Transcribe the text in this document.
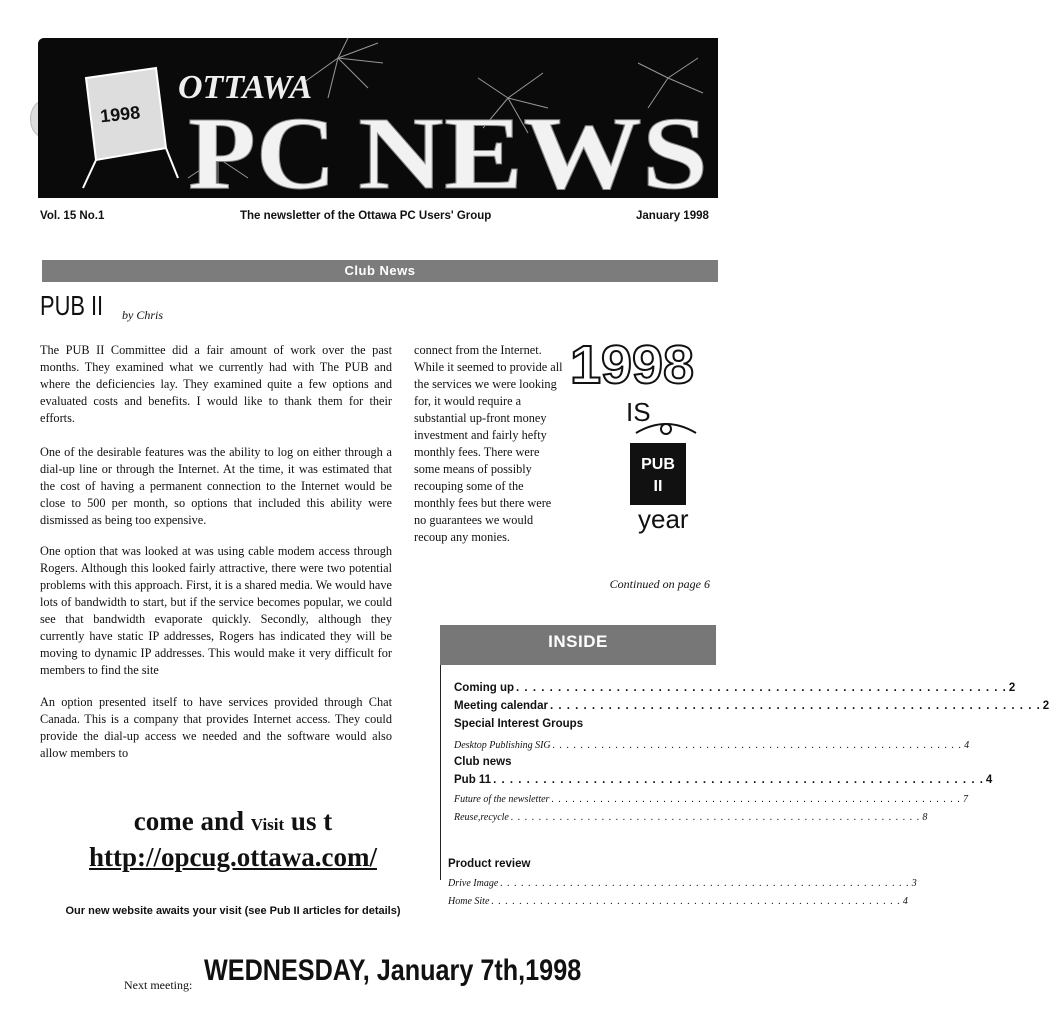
1998
OTTAWA
PC NEWS
Vol. 15 No.1	The newsletter of the Ottawa PC Users' Group	January 1998
Club News
PUB II	by Chris
The PUB II Committee did a fair amount of work over the past months. They examined what we currently had with The PUB and where the deficiencies lay. They examined quite a few options and evaluated costs and benefits. I would like to thank them for their efforts.
One of the desirable features was the ability to log on either through a dial-up line or through the Internet. At the time, it was estimated that the cost of having a permanent connection to the Internet would be close to 500 per month, so options that included this ability were dismissed as being too expensive.
One option that was looked at was using cable modem access through Rogers. Although this looked fairly attractive, there were two potential problems with this approach. First, it is a shared media. We would have lots of bandwidth to start, but if the service becomes popular, we could see that bandwidth evaporate quickly. Secondly, although they currently have static IP addresses, Rogers has indicated they will be moving to dynamic IP addresses. This would make it very difficult for members to find the site
An option presented itself to have services provided through Chat Canada. This is a company that provides Internet access. They could provide the dial-up access we needed and the software would also allow members to
connect from the Internet. While it seemed to provide all the services we were looking for, it would require a substantial up-front money investment and fairly hefty monthly fees. There were some means of possibly recouping some of the monthly fees but there were no guarantees we would recoup any monies.
1998
IS
PUB
II
year
Continued on page 6
INSIDE
Coming up . . . . . . . . . . . . . . . . . . . . . . . . . . . . . . . . . . . . . . . . . . . . . . . . . . . . . . . . . . . 2
Meeting calendar . . . . . . . . . . . . . . . . . . . . . . . . . . . . . . . . . . . . . . . . . . . . . . . . . . . . . . . . . . . 2
Special Interest Groups
Desktop Publishing SIG . . . . . . . . . . . . . . . . . . . . . . . . . . . . . . . . . . . . . . . . . . . . . . . . . . . . . . . . . . . 4
Club news
Pub 11 . . . . . . . . . . . . . . . . . . . . . . . . . . . . . . . . . . . . . . . . . . . . . . . . . . . . . . . . . . . 4
Future of the newsletter . . . . . . . . . . . . . . . . . . . . . . . . . . . . . . . . . . . . . . . . . . . . . . . . . . . . . . . . . . . 7
Reuse,recycle . . . . . . . . . . . . . . . . . . . . . . . . . . . . . . . . . . . . . . . . . . . . . . . . . . . . . . . . . . . 8
Product review
Drive Image . . . . . . . . . . . . . . . . . . . . . . . . . . . . . . . . . . . . . . . . . . . . . . . . . . . . . . . . . . . 3
Home Site . . . . . . . . . . . . . . . . . . . . . . . . . . . . . . . . . . . . . . . . . . . . . . . . . . . . . . . . . . . 4
come and Visit us t
http://opcug.ottawa.com/
Our new website awaits your visit (see Pub II articles for details)
Next meeting: WEDNESDAY, January 7th,1998
